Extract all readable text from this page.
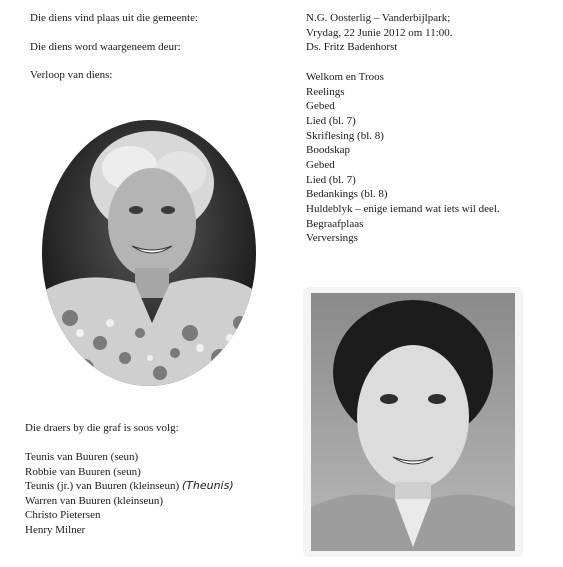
Die diens vind plaas uit die gemeente:
Die diens word waargeneem deur:
Verloop van diens:
N.G. Oosterlig – Vanderbijlpark;
Vrydag, 22 Junie 2012 om 11:00.
Ds. Fritz Badenhorst
Welkom en Troos
Reelings
Gebed
Lied (bl. 7)
Skriflesing (bl. 8)
Boodskap
Gebed
Lied (bl. 7)
Bedankings (bl. 8)
Huldeblyk – enige iemand wat iets wil deel.
Begraafplaas
Verversings
Die draers by die graf is soos volg:
Teunis van Buuren (seun)
Robbie van Buuren (seun)
Teunis (jr.) van Buuren (kleinseun) (Theunis)
Warren van Buuren (kleinseun)
Christo Pietersen
Henry Milner
